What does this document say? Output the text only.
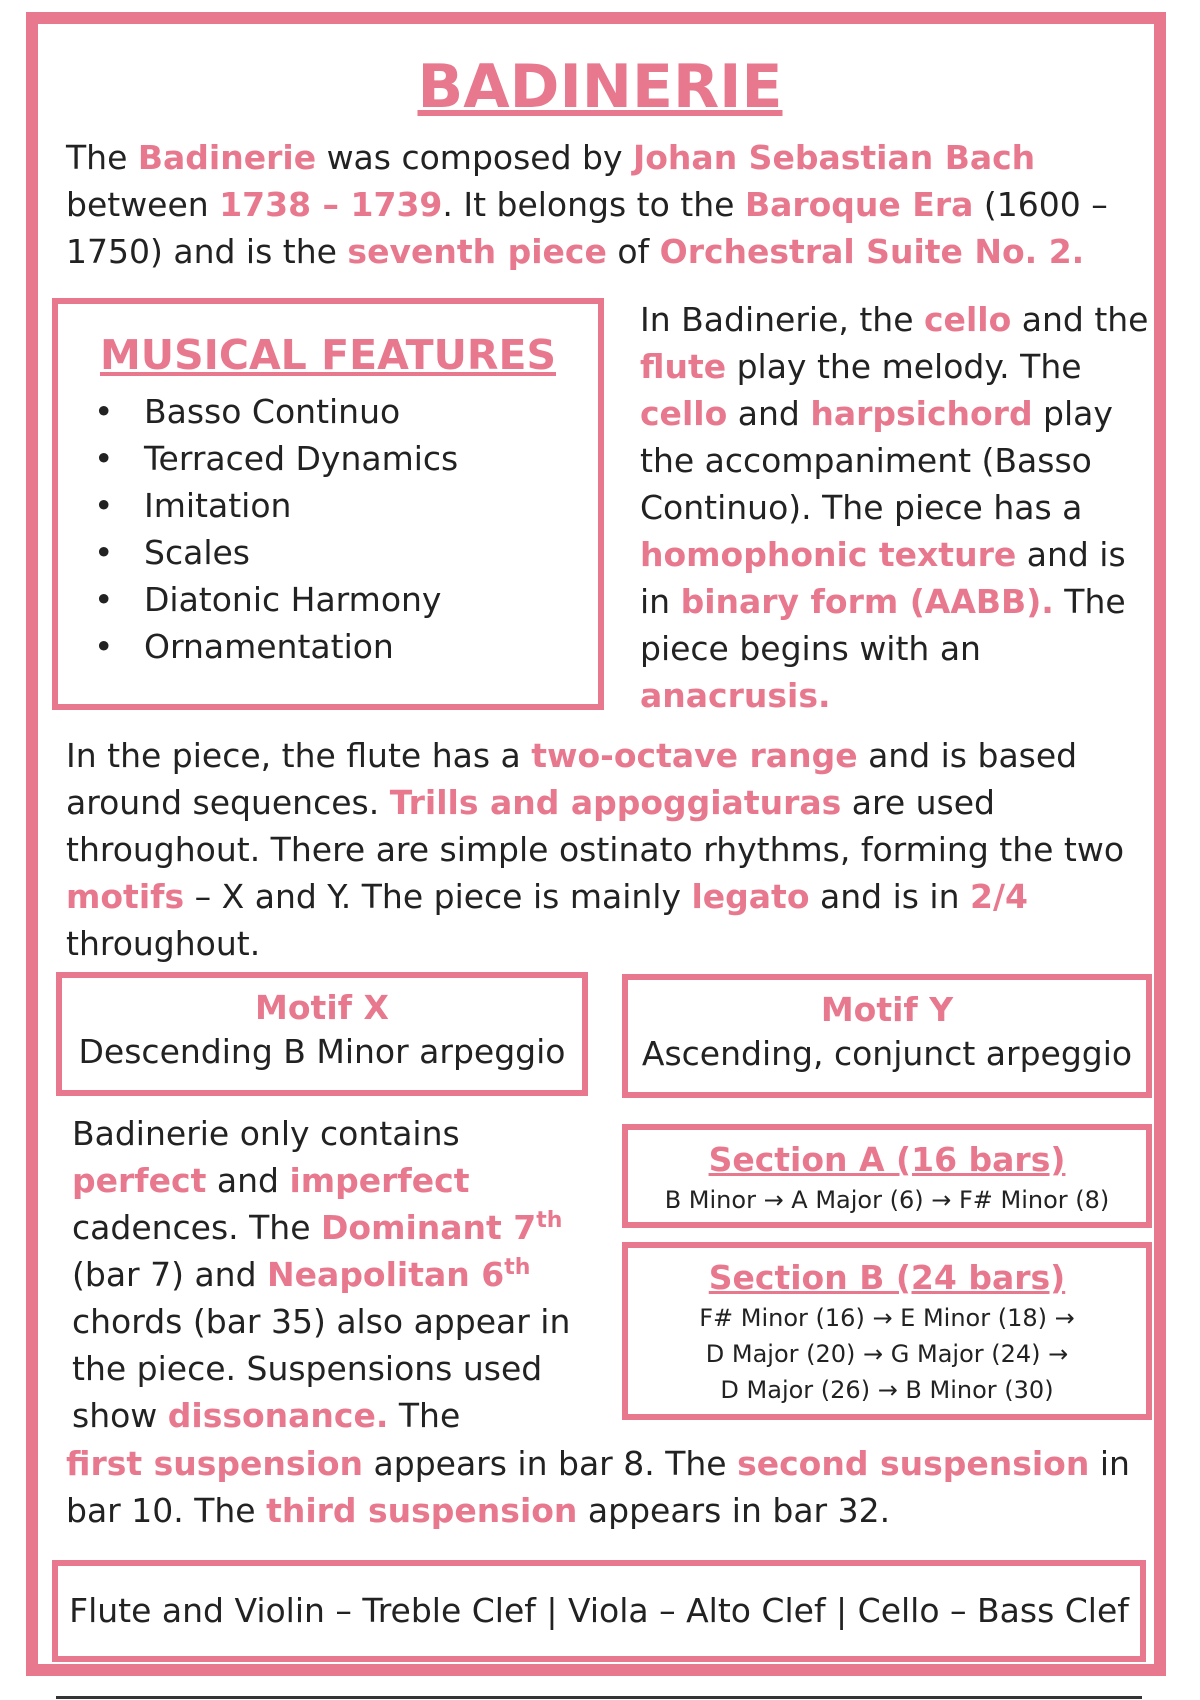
BADINERIE

The Badinerie was composed by Johan Sebastian Bach between 1738 – 1739. It belongs to the Baroque Era (1600 – 1750) and is the seventh piece of Orchestral Suite No. 2.

MUSICAL FEATURES
• Basso Continuo
• Terraced Dynamics
• Imitation
• Scales
• Diatonic Harmony
• Ornamentation

In Badinerie, the cello and the flute play the melody. The cello and harpsichord play the accompaniment (Basso Continuo). The piece has a homophonic texture and is in binary form (AABB). The piece begins with an anacrusis.

In the piece, the flute has a two-octave range and is based around sequences. Trills and appoggiaturas are used throughout. There are simple ostinato rhythms, forming the two motifs – X and Y. The piece is mainly legato and is in 2/4 throughout.

Motif X
Descending B Minor arpeggio
Motif Y
Ascending, conjunct arpeggio

Badinerie only contains perfect and imperfect cadences. The Dominant 7th (bar 7) and Neapolitan 6th chords (bar 35) also appear in the piece. Suspensions used show dissonance. The

Section A (16 bars)
B Minor → A Major (6) → F# Minor (8)
Section B (24 bars)
F# Minor (16) → E Minor (18) →
D Major (20) → G Major (24) →
D Major (26) → B Minor (30)

first suspension appears in bar 8. The second suspension in bar 10. The third suspension appears in bar 32.

Flute and Violin – Treble Clef | Viola – Alto Clef | Cello – Bass Clef
